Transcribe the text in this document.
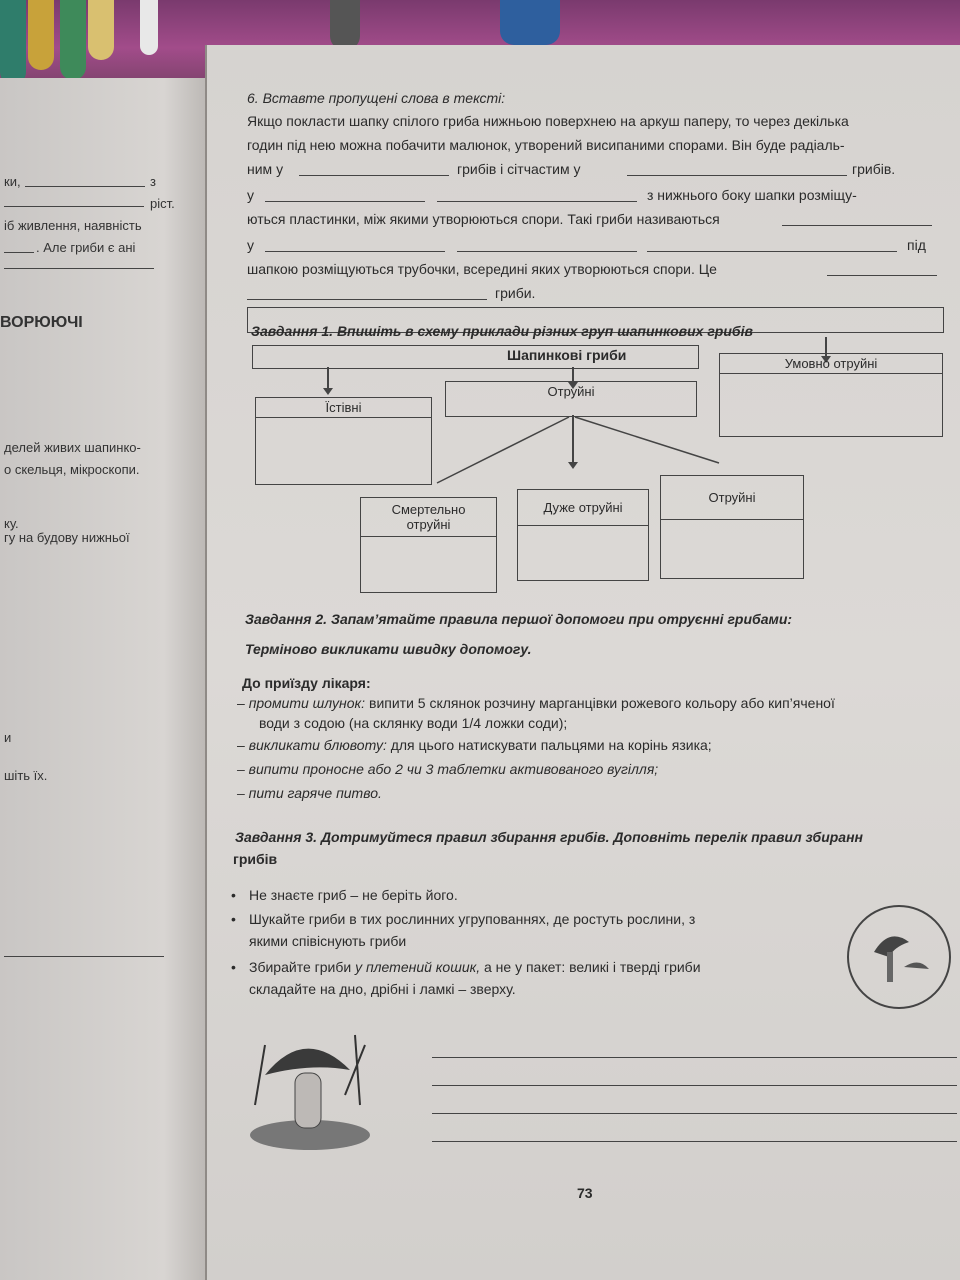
ки,	з
ріст.
іб живлення, наявність
. Але гриби є ані
ВОРЮЮЧІ
делей живих шапинко-
о скельця, мікроскопи.
ку.
гу на будову нижньої
и
шіть їх.
6. Вставте пропущені слова в тексті:
Якщо покласти шапку спілого гриба нижньою поверхнею на аркуш паперу, то через декілька
годин під нею можна побачити малюнок, утворений висипаними спорами. Він буде радіаль-
ним у	грибів і сітчастим у	грибів.
у	з нижнього боку шапки розміщу-
ються пластинки, між якими утворюються спори. Такі гриби називаються
у	під
шапкою розміщуються трубочки, всередині яких утворюються спори. Це
гриби.
Завдання 1. Впишіть в схему приклади різних груп шапинкових грибів
Шапинкові гриби
Їстівні
Отруйні
Умовно отруйні
Смертельно отруйні
Дуже отруйні
Отруйні
Завдання 2. Запам’ятайте правила першої допомоги при отруєнні грибами:
Терміново викликати швидку допомогу.
До приїзду лікаря:
– промити шлунок: випити 5 склянок розчину марганцівки рожевого кольору або кип’яченої
води з содою (на склянку води 1/4 ложки соди);
– викликати блювоту: для цього натискувати пальцями на корінь язика;
– випити проносне або 2 чи 3 таблетки активованого вугілля;
– пити гаряче питво.
Завдання 3. Дотримуйтеся правил збирання грибів. Доповніть перелік правил збиранн
грибів
• Не знаєте гриб – не беріть його.
• Шукайте гриби в тих рослинних угрупованнях, де ростуть рослини, з
якими співіснують гриби
• Збирайте гриби у плетений кошик, а не у пакет: великі і тверді гриби
складайте на дно, дрібні і ламкі – зверху.
73
